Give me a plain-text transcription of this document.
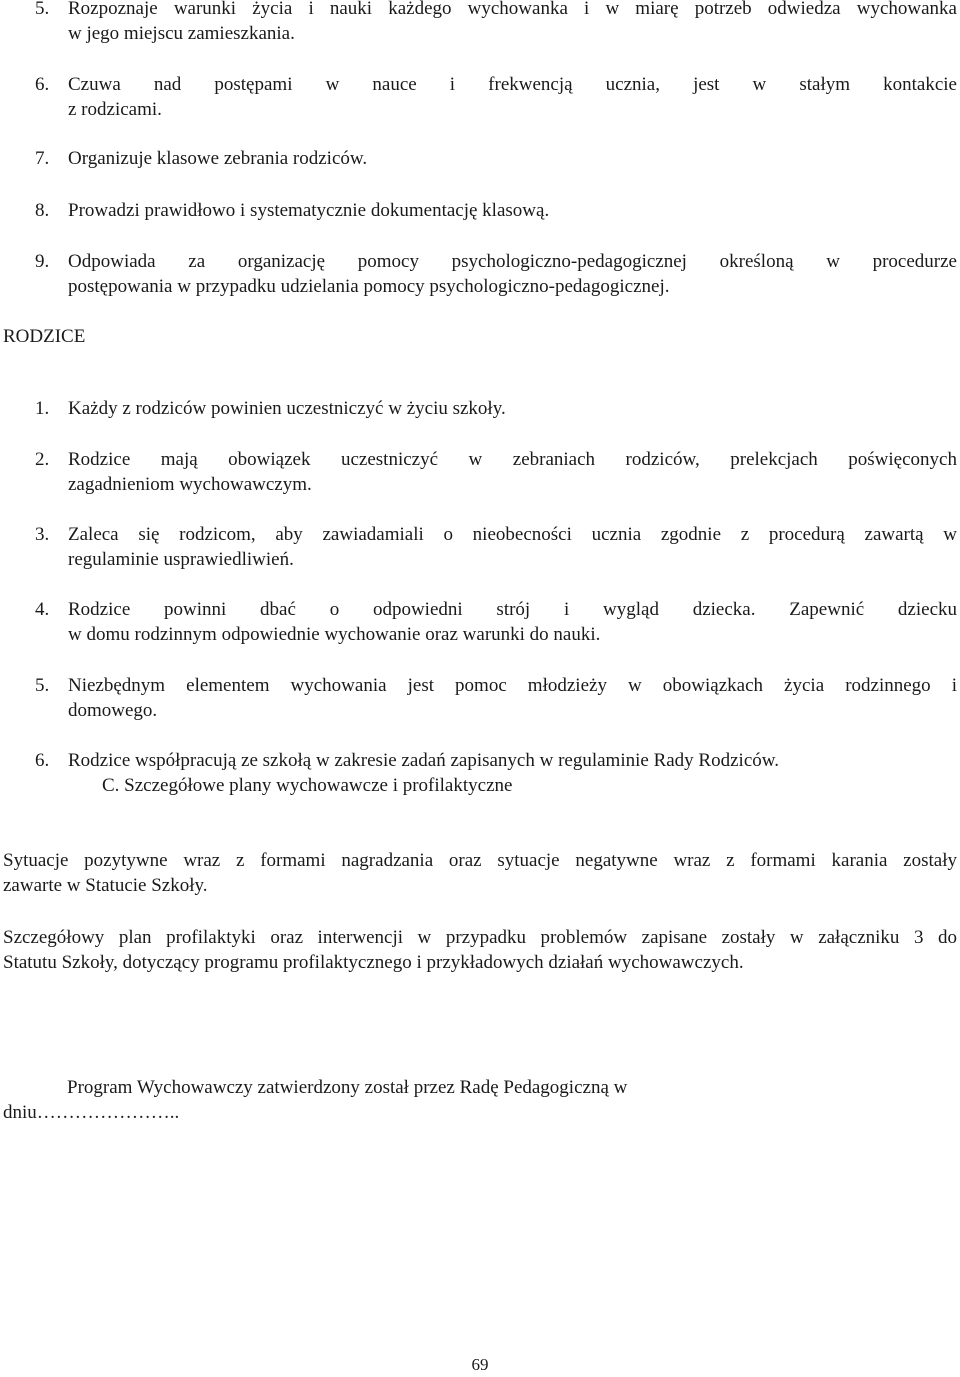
5. Rozpoznaje warunki życia i nauki każdego wychowanka i w miarę potrzeb odwiedza wychowanka
w jego miejscu zamieszkania.
6. Czuwa nad postępami w nauce i frekwencją ucznia, jest w stałym kontakcie
z rodzicami.
7. Organizuje klasowe zebrania rodziców.
8. Prowadzi prawidłowo i systematycznie dokumentację klasową.
9. Odpowiada za organizację pomocy psychologiczno-pedagogicznej określoną w procedurze
postępowania w przypadku udzielania pomocy psychologiczno-pedagogicznej.
RODZICE
1. Każdy z rodziców powinien uczestniczyć w życiu szkoły.
2. Rodzice mają obowiązek uczestniczyć w zebraniach rodziców, prelekcjach poświęconych
zagadnieniom wychowawczym.
3. Zaleca się rodzicom, aby zawiadamiali o nieobecności ucznia zgodnie z procedurą zawartą w
regulaminie usprawiedliwień.
4. Rodzice powinni dbać o odpowiedni strój i wygląd dziecka. Zapewnić dziecku
w domu rodzinnym odpowiednie wychowanie oraz warunki do nauki.
5. Niezbędnym elementem wychowania jest pomoc młodzieży w obowiązkach życia rodzinnego i
domowego.
6. Rodzice współpracują ze szkołą w zakresie zadań zapisanych w regulaminie Rady Rodziców.
C. Szczegółowe plany wychowawcze i profilaktyczne
Sytuacje pozytywne wraz z formami nagradzania oraz sytuacje negatywne wraz z formami karania zostały
zawarte w Statucie Szkoły.
Szczegółowy plan profilaktyki oraz interwencji w przypadku problemów zapisane zostały w załączniku 3 do
Statutu Szkoły, dotyczący programu profilaktycznego i przykładowych działań wychowawczych.
Program Wychowawczy zatwierdzony został przez Radę Pedagogiczną w
dniu…………………..
69
